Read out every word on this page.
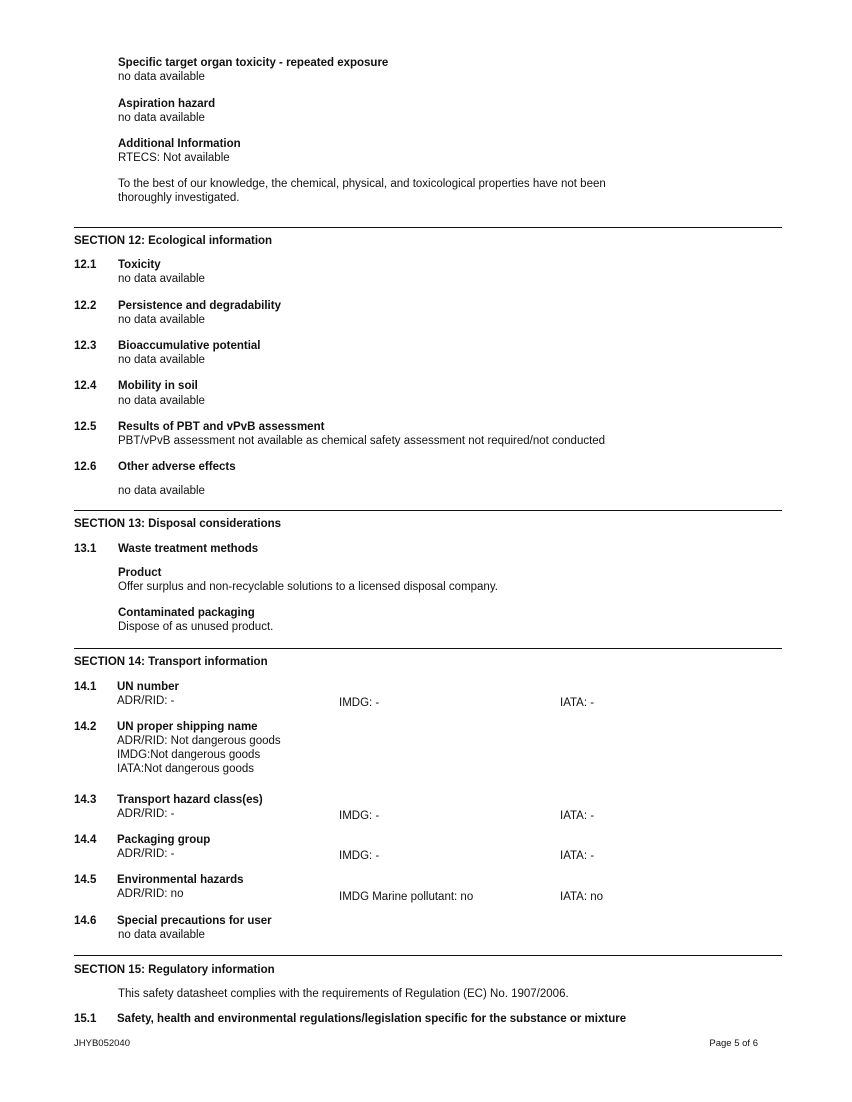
Specific target organ toxicity - repeated exposure
no data available
Aspiration hazard
no data available
Additional Information
RTECS: Not available
To the best of our knowledge, the chemical, physical, and toxicological properties have not been
thoroughly investigated.
SECTION 12: Ecological information
12.1 Toxicity
no data available
12.2 Persistence and degradability
no data available
12.3 Bioaccumulative potential
no data available
12.4 Mobility in soil
no data available
12.5 Results of PBT and vPvB assessment
PBT/vPvB assessment not available as chemical safety assessment not required/not conducted
12.6 Other adverse effects
no data available
SECTION 13: Disposal considerations
13.1 Waste treatment methods
Product
Offer surplus and non-recyclable solutions to a licensed disposal company.
Contaminated packaging
Dispose of as unused product.
SECTION 14: Transport information
14.1 UN number
ADR/RID: -	IMDG: -	IATA: -
14.2 UN proper shipping name
ADR/RID: Not dangerous goods
IMDG:Not dangerous goods
IATA:Not dangerous goods
14.3 Transport hazard class(es)
ADR/RID: -	IMDG: -	IATA: -
14.4 Packaging group
ADR/RID: -	IMDG: -	IATA: -
14.5 Environmental hazards
ADR/RID: no	IMDG Marine pollutant: no	IATA: no
14.6 Special precautions for user
no data available
SECTION 15: Regulatory information
This safety datasheet complies with the requirements of Regulation (EC) No. 1907/2006.
15.1 Safety, health and environmental regulations/legislation specific for the substance or mixture
JHYB052040	Page 5 of 6
